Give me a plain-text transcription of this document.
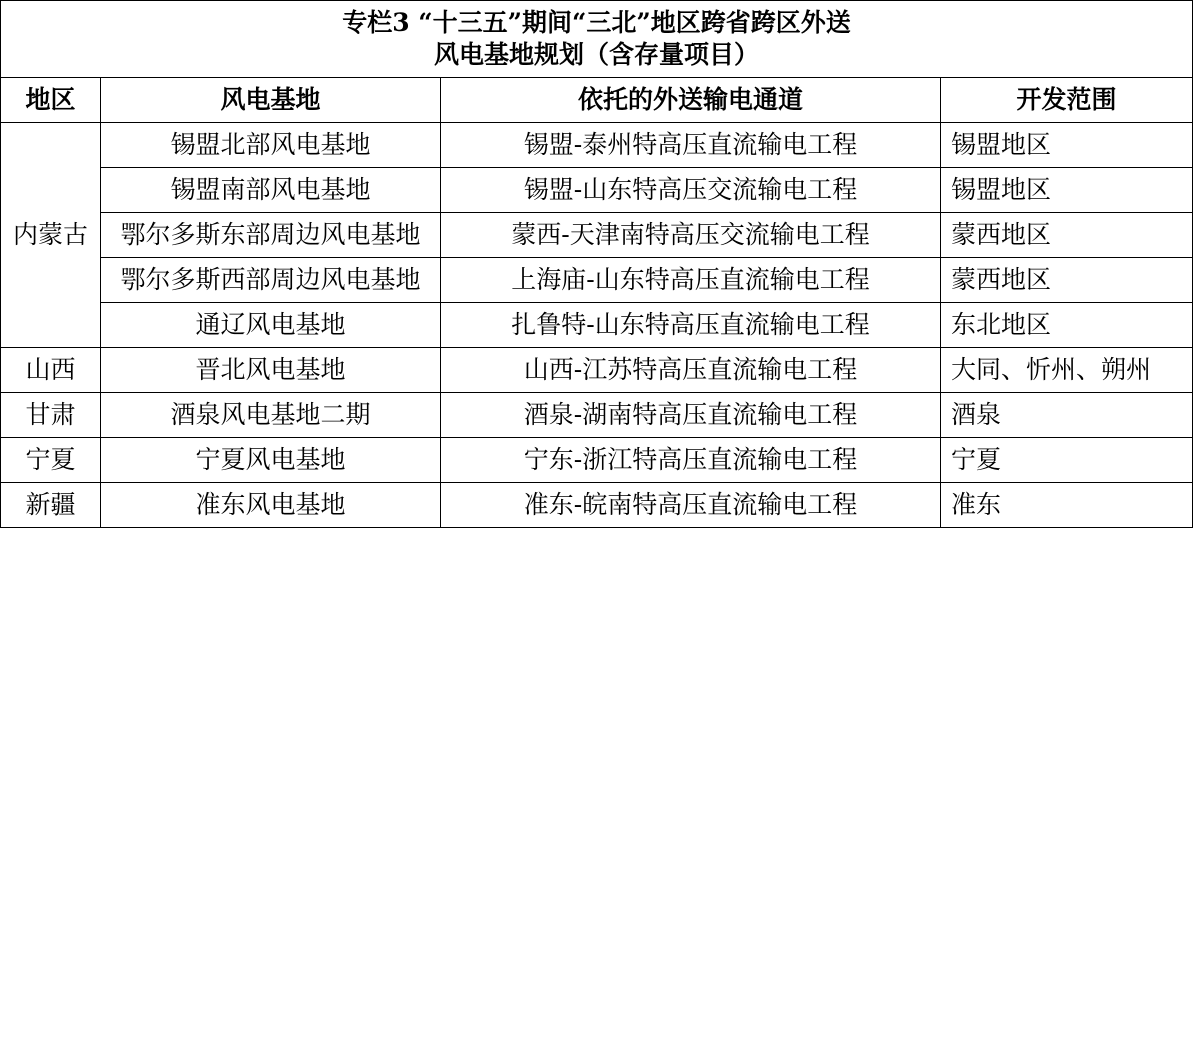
专栏3 “十三五”期间“三北”地区跨省跨区外送
风电基地规划（含存量项目）			

地区	风电基地	依托的外送输电通道	开发范围
内蒙古	锡盟北部风电基地	锡盟-泰州特高压直流输电工程	锡盟地区
	锡盟南部风电基地	锡盟-山东特高压交流输电工程	锡盟地区
	鄂尔多斯东部周边风电基地	蒙西-天津南特高压交流输电工程	蒙西地区
	鄂尔多斯西部周边风电基地	上海庙-山东特高压直流输电工程	蒙西地区
	通辽风电基地	扎鲁特-山东特高压直流输电工程	东北地区
山西	晋北风电基地	山西-江苏特高压直流输电工程	大同、忻州、朔州
甘肃	酒泉风电基地二期	酒泉-湖南特高压直流输电工程	酒泉
宁夏	宁夏风电基地	宁东-浙江特高压直流输电工程	宁夏
新疆	准东风电基地	准东-皖南特高压直流输电工程	准东
